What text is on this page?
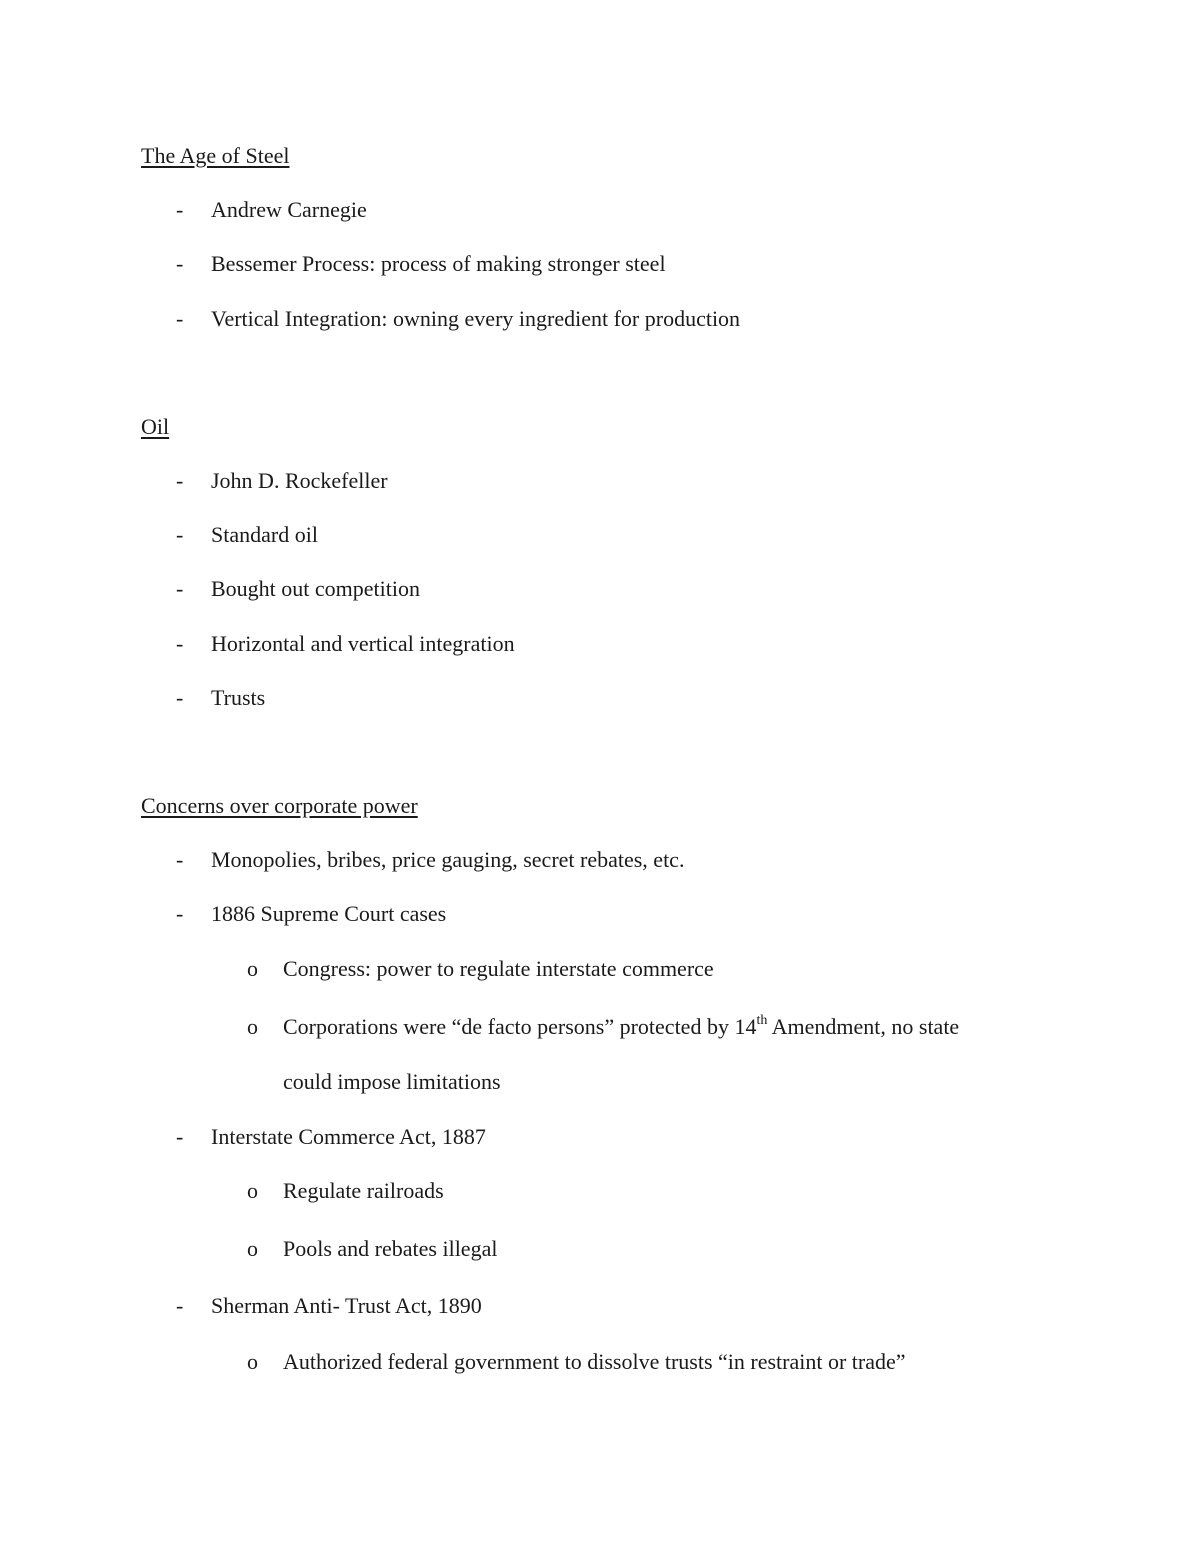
The Age of Steel
- Andrew Carnegie
- Bessemer Process: process of making stronger steel
- Vertical Integration: owning every ingredient for production
Oil
- John D. Rockefeller
- Standard oil
- Bought out competition
- Horizontal and vertical integration
- Trusts
Concerns over corporate power
- Monopolies, bribes, price gauging, secret rebates, etc.
- 1886 Supreme Court cases
o Congress: power to regulate interstate commerce
o Corporations were “de facto persons” protected by 14th Amendment, no state
could impose limitations
- Interstate Commerce Act, 1887
o Regulate railroads
o Pools and rebates illegal
- Sherman Anti- Trust Act, 1890
o Authorized federal government to dissolve trusts “in restraint or trade”
